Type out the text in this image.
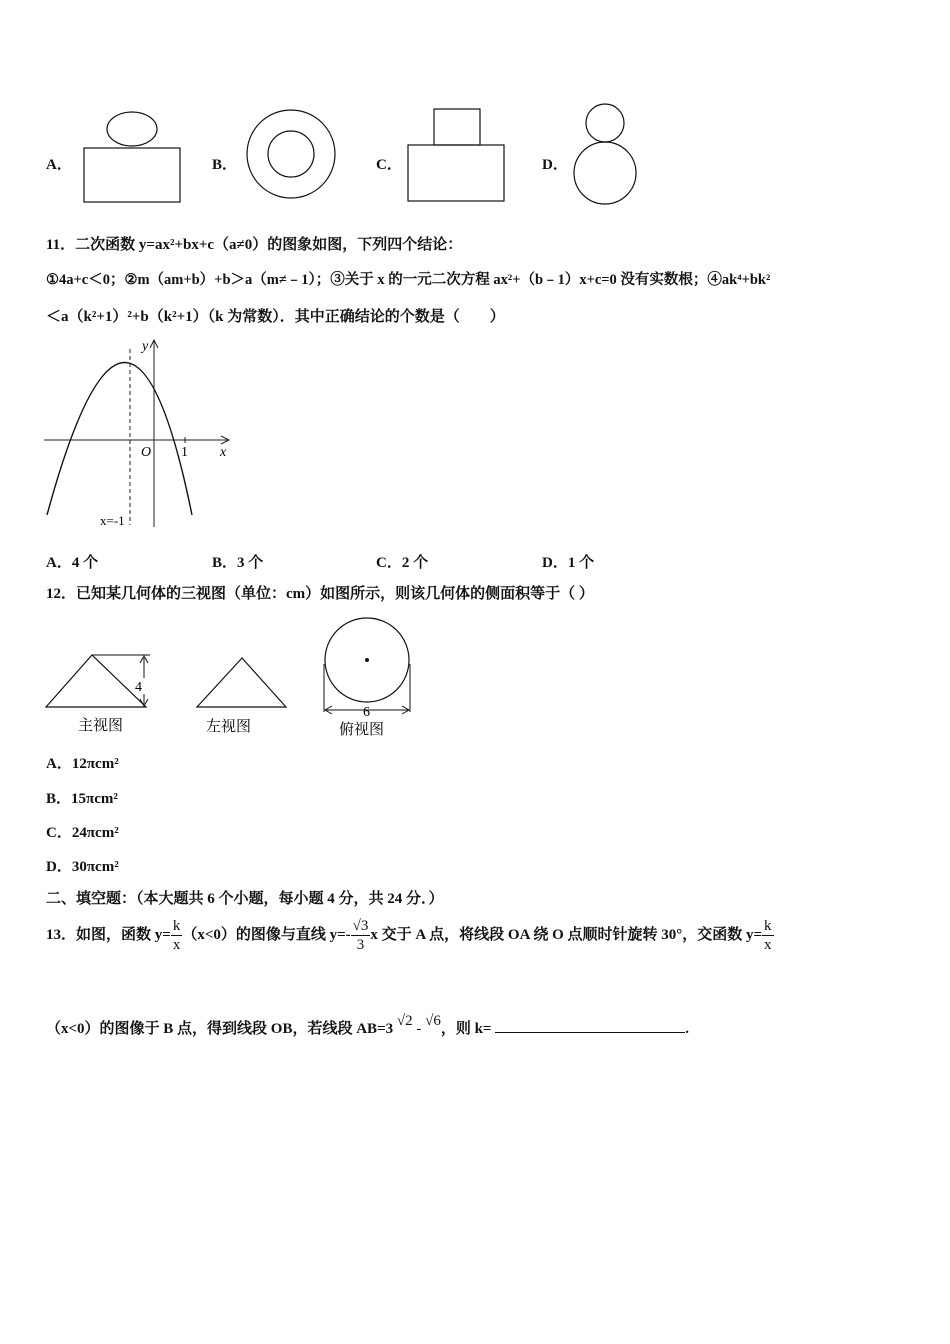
A．	B．	C．	D．
11．二次函数 y=ax²+bx+c（a≠0）的图象如图，下列四个结论：
①4a+c＜0；②m（am+b）+b＞a（m≠﹣1）；③关于 x 的一元二次方程 ax²+（b﹣1）x+c=0 没有实数根；④ak⁴+bk²
＜a（k²+1）²+b（k²+1）（k 为常数）．其中正确结论的个数是（　　）
y
x
O 1
x=-1
A．4 个	B．3 个	C．2 个	D．1 个
12．已知某几何体的三视图（单位：cm）如图所示，则该几何体的侧面积等于（ ）
4
主视图	左视图
6
俯视图
A．12πcm²
B．15πcm²
C．24πcm²
D．30πcm²
二、填空题：（本大题共 6 个小题，每小题 4 分，共 24 分．）
13．如图，函数 $y= \frac{k}{x} (x<0)$的图像与直线 $y=- \frac{√3}{3}$ x 交于 A 点，将线段 OA 绕 O 点顺时针旋转 30°，交函数 $y= \frac{k}{x}$
（x<0）的图像于 B 点，得到线段 OB，若线段 AB=3 √2 - √6，则 k=	.
